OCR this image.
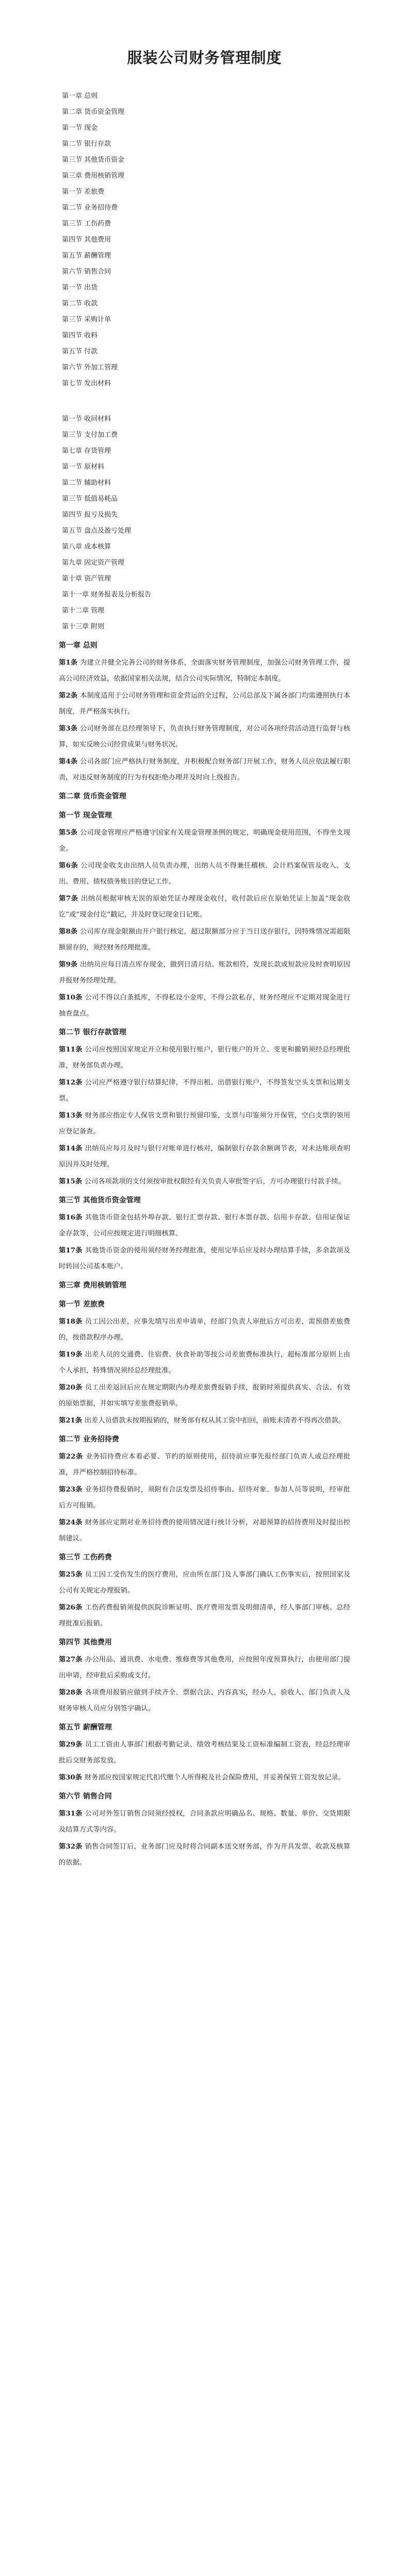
服装公司财务管理制度
第一章 总则
第二章 货币资金管理
第一节 现金
第二节 银行存款
第三节 其他货币资金
第三章 费用核销管理
第一节 差旅费
第二节 业务招待费
第三节 工伤药费
第四节 其他费用
第五节 薪酬管理
第六节 销售合同
第一节 出货
第二节 收款
第三节 采购计单
第四节 收料
第五节 付款
第六节 外加工管理
第七节 发出材料
第一节 收回材料
第三节 支付加工费
第七章 存货管理
第一节 原材料
第二节 辅助材料
第三节 低值易耗品
第四节 报亏及损失
第五节 盘点及盈亏处理
第八章 成本核算
第九章 固定资产管理
第十章 资产管理
第十一章 财务报表及分析报告
第十二章 管理
第十三章 附则
第一章 总则

第1条 为建立并健全完善公司的财务体系，全面落实财务管理制度，加强公司财务管理工作，提高公司经济效益，依据国家相关法规，结合公司实际情况，特制定本制度。

第2条 本制度适用于公司财务管理和资金营运的全过程，公司总部及下属各部门均需遵照执行本制度，并严格落实执行。

第3条 公司财务部在总经理领导下，负责执行财务管理制度，对公司各项经营活动进行监督与核算，如实反映公司经营成果与财务状况。

第4条 公司各部门应严格执行财务制度，并积极配合财务部门开展工作，财务人员应依法履行职责，对违反财务制度的行为有权拒绝办理并及时向上级报告。

第二章 货币资金管理
第一节 现金管理

第5条 公司现金管理应严格遵守国家有关现金管理条例的规定，明确现金使用范围，不得坐支现金。

第6条 公司现金收支由出纳人员负责办理，出纳人员不得兼任稽核、会计档案保管及收入、支出、费用、债权债务账目的登记工作。

第7条 出纳员根据审核无误的原始凭证办理现金收付，收付款后应在原始凭证上加盖“现金收讫”或“现金付讫”戳记，并及时登记现金日记账。

第8条 公司库存现金限额由开户银行核定，超过限额部分应于当日送存银行，因特殊情况需超限额留存的，须经财务经理批准。

第9条 出纳员应每日清点库存现金，做到日清月结、账款相符，发现长款或短款应及时查明原因并报财务经理处理。

第10条 公司不得以白条抵库，不得私设小金库，不得公款私存，财务经理应不定期对现金进行抽查盘点。

第二节 银行存款管理

第11条 公司应按照国家规定开立和使用银行账户，银行账户的开立、变更和撤销须经总经理批准，财务部负责办理。

第12条 公司应严格遵守银行结算纪律，不得出租、出借银行账户，不得签发空头支票和远期支票。

第13条 财务部应指定专人保管支票和银行预留印鉴，支票与印鉴须分开保管，空白支票的领用应登记备查。

第14条 出纳员应每月及时与银行对账单进行核对，编制银行存款余额调节表，对未达账项查明原因并及时处理。

第15条 公司各项款项的支付须按审批权限经有关负责人审批签字后，方可办理银行付款手续。

第三节 其他货币资金管理

第16条 其他货币资金包括外埠存款、银行汇票存款、银行本票存款、信用卡存款、信用证保证金存款等，公司应按规定进行明细核算。

第17条 其他货币资金的使用须经财务经理批准，使用完毕后应及时办理结算手续，多余款项及时转回公司基本账户。

第三章 费用核销管理
第一节 差旅费

第18条 员工因公出差，应事先填写出差申请单，经部门负责人审批后方可出差，需预借差旅费的，按借款程序办理。

第19条 出差人员的交通费、住宿费、伙食补助等按公司差旅费标准执行，超标准部分原则上由个人承担，特殊情况须经总经理批准。

第20条 员工出差返回后应在规定期限内办理差旅费报销手续，报销时须提供真实、合法、有效的原始票据，并如实填写差旅费报销单。

第21条 出差人员借款未按期报销的，财务部有权从其工资中扣回，前账未清者不得再次借款。

第二节 业务招待费

第22条 业务招待费应本着必要、节约的原则使用，招待前应事先报经部门负责人或总经理批准，并严格控制招待标准。

第23条 业务招待费报销时，须附有合法发票及招待事由、招待对象、参加人员等说明，经审批后方可报销。

第24条 财务部应定期对业务招待费的使用情况进行统计分析，对超预算的招待费用及时提出控制建议。

第三节 工伤药费

第25条 员工因工受伤发生的医疗费用，应由所在部门及人事部门确认工伤事实后，按照国家及公司有关规定办理报销。

第26条 工伤药费报销须提供医院诊断证明、医疗费用发票及明细清单，经人事部门审核、总经理批准后报销。

第四节 其他费用

第27条 办公用品、通讯费、水电费、维修费等其他费用，应按照年度预算执行，由使用部门提出申请，经审批后采购或支付。

第28条 各项费用报销应做到手续齐全、票据合法、内容真实，经办人、验收人、部门负责人及财务审核人员应分别签字确认。

第五节 薪酬管理

第29条 员工工资由人事部门根据考勤记录、绩效考核结果及工资标准编制工资表，经总经理审批后交财务部发放。

第30条 财务部应按国家规定代扣代缴个人所得税及社会保险费用，并妥善保管工资发放记录。

第六节 销售合同

第31条 公司对外签订销售合同须经授权，合同条款应明确品名、规格、数量、单价、交货期限及结算方式等内容。

第32条 销售合同签订后，业务部门应及时将合同副本送交财务部，作为开具发票、收款及核算的依据。
